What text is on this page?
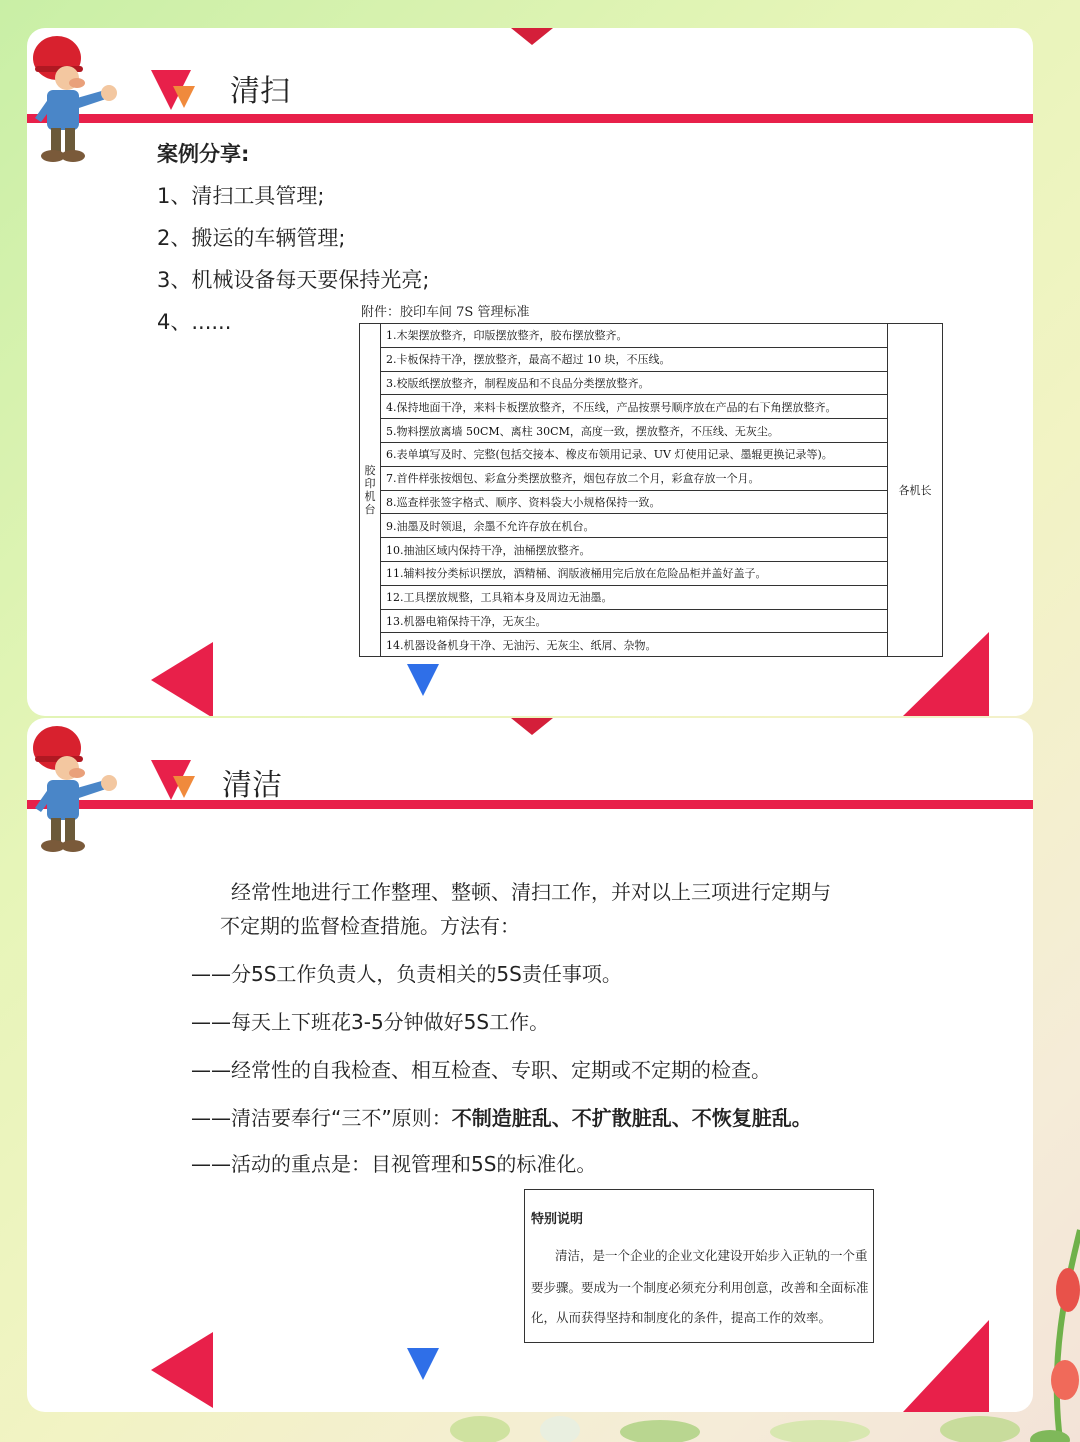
清扫
案例分享:
1、清扫工具管理;
2、搬运的车辆管理;
3、机械设备每天要保持光亮;
4、......	附件：胶印车间 7S 管理标准
胶印机台	1.木架摆放整齐，印版摆放整齐，胶布摆放整齐。	各机长
2.卡板保持干净，摆放整齐，最高不超过 10 块，不压线。
3.校版纸摆放整齐，制程废品和不良品分类摆放整齐。
4.保持地面干净，来料卡板摆放整齐，不压线，产品按票号顺序放在产品的右下角摆放整齐。
5.物料摆放离墙 50CM、离柱 30CM，高度一致，摆放整齐，不压线、无灰尘。
6.表单填写及时、完整(包括交接本、橡皮布领用记录、UV 灯使用记录、墨辊更换记录等)。
7.首件样张按烟包、彩盒分类摆放整齐，烟包存放二个月，彩盒存放一个月。
8.巡查样张签字格式、顺序、资料袋大小规格保持一致。
9.油墨及时领退，余墨不允许存放在机台。
10.抽油区域内保持干净，油桶摆放整齐。
11.辅料按分类标识摆放，酒精桶、润版液桶用完后放在危险品柜并盖好盖子。
12.工具摆放规整，工具箱本身及周边无油墨。
13.机器电箱保持干净，无灰尘。
14.机器设备机身干净、无油污、无灰尘、纸屑、杂物。
清洁
经常性地进行工作整理、整顿、清扫工作，并对以上三项进行定期与
不定期的监督检查措施。方法有：
——分5S工作负责人，负责相关的5S责任事项。
——每天上下班花3-5分钟做好5S工作。
——经常性的自我检查、相互检查、专职、定期或不定期的检查。
——清洁要奉行“三不”原则：不制造脏乱、不扩散脏乱、不恢复脏乱。
——活动的重点是：目视管理和5S的标准化。
特别说明
清洁，是一个企业的企业文化建设开始步入正轨的一个重
要步骤。要成为一个制度必须充分利用创意，改善和全面标准
化，从而获得坚持和制度化的条件，提高工作的效率。
